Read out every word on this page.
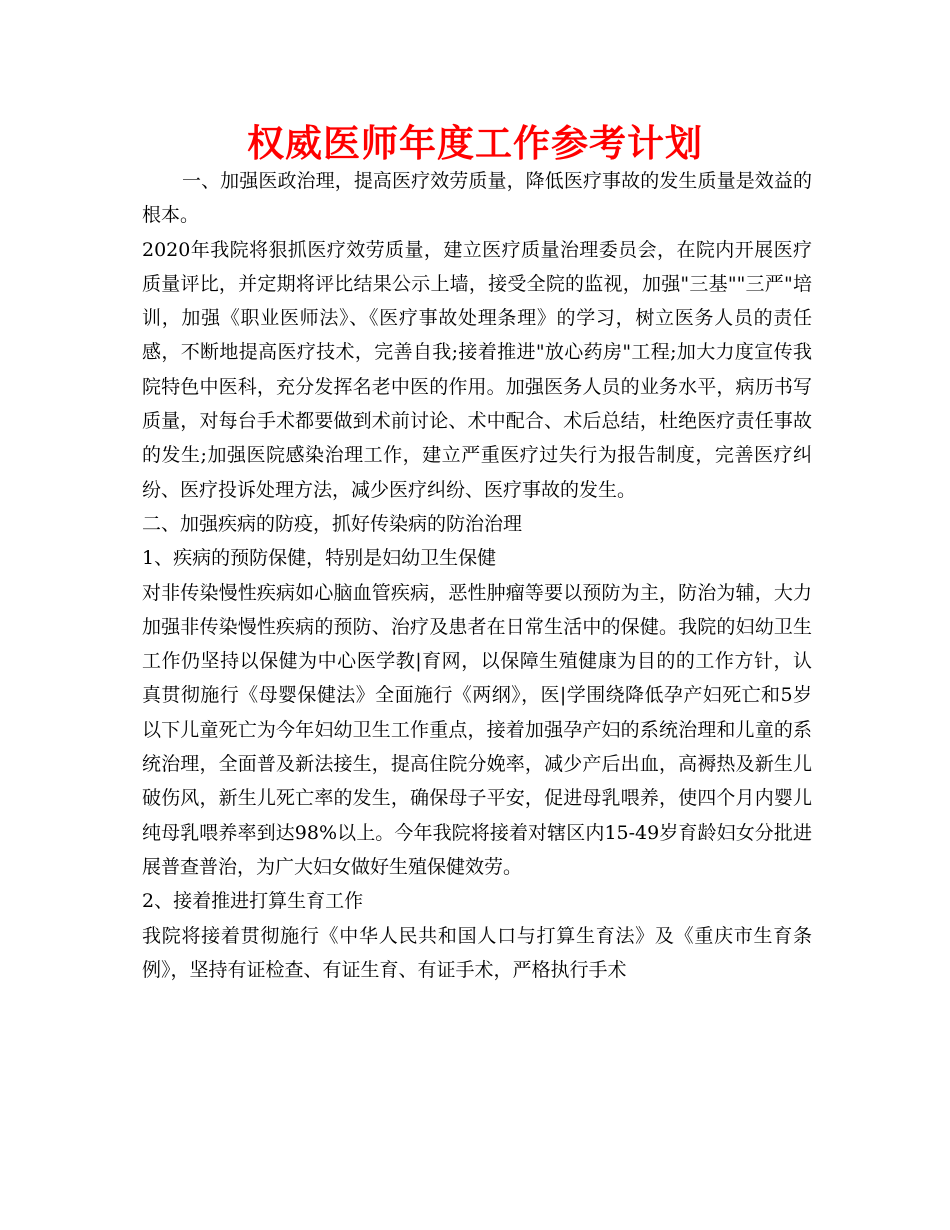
权威医师年度工作参考计划

一、加强医政治理，提高医疗效劳质量，降低医疗事故的发生质量是效益的根本。

2020年我院将狠抓医疗效劳质量，建立医疗质量治理委员会，在院内开展医疗质量评比，并定期将评比结果公示上墙，接受全院的监视，加强"三基""三严"培训，加强《职业医师法》、《医疗事故处理条理》的学习，树立医务人员的责任感，不断地提高医疗技术，完善自我;接着推进"放心药房"工程;加大力度宣传我院特色中医科，充分发挥名老中医的作用。加强医务人员的业务水平，病历书写质量，对每台手术都要做到术前讨论、术中配合、术后总结，杜绝医疗责任事故的发生;加强医院感染治理工作，建立严重医疗过失行为报告制度，完善医疗纠纷、医疗投诉处理方法，减少医疗纠纷、医疗事故的发生。

二、加强疾病的防疫，抓好传染病的防治治理

1、疾病的预防保健，特别是妇幼卫生保健

对非传染慢性疾病如心脑血管疾病，恶性肿瘤等要以预防为主，防治为辅，大力加强非传染慢性疾病的预防、治疗及患者在日常生活中的保健。我院的妇幼卫生工作仍坚持以保健为中心医学教|育网，以保障生殖健康为目的的工作方针，认真贯彻施行《母婴保健法》全面施行《两纲》，医|学围绕降低孕产妇死亡和5岁以下儿童死亡为今年妇幼卫生工作重点，接着加强孕产妇的系统治理和儿童的系统治理，全面普及新法接生，提高住院分娩率，减少产后出血，高褥热及新生儿破伤风，新生儿死亡率的发生，确保母子平安，促进母乳喂养，使四个月内婴儿纯母乳喂养率到达98%以上。今年我院将接着对辖区内15-49岁育龄妇女分批进展普查普治，为广大妇女做好生殖保健效劳。

2、接着推进打算生育工作

我院将接着贯彻施行《中华人民共和国人口与打算生育法》及《重庆市生育条例》，坚持有证检查、有证生育、有证手术，严格执行手术
